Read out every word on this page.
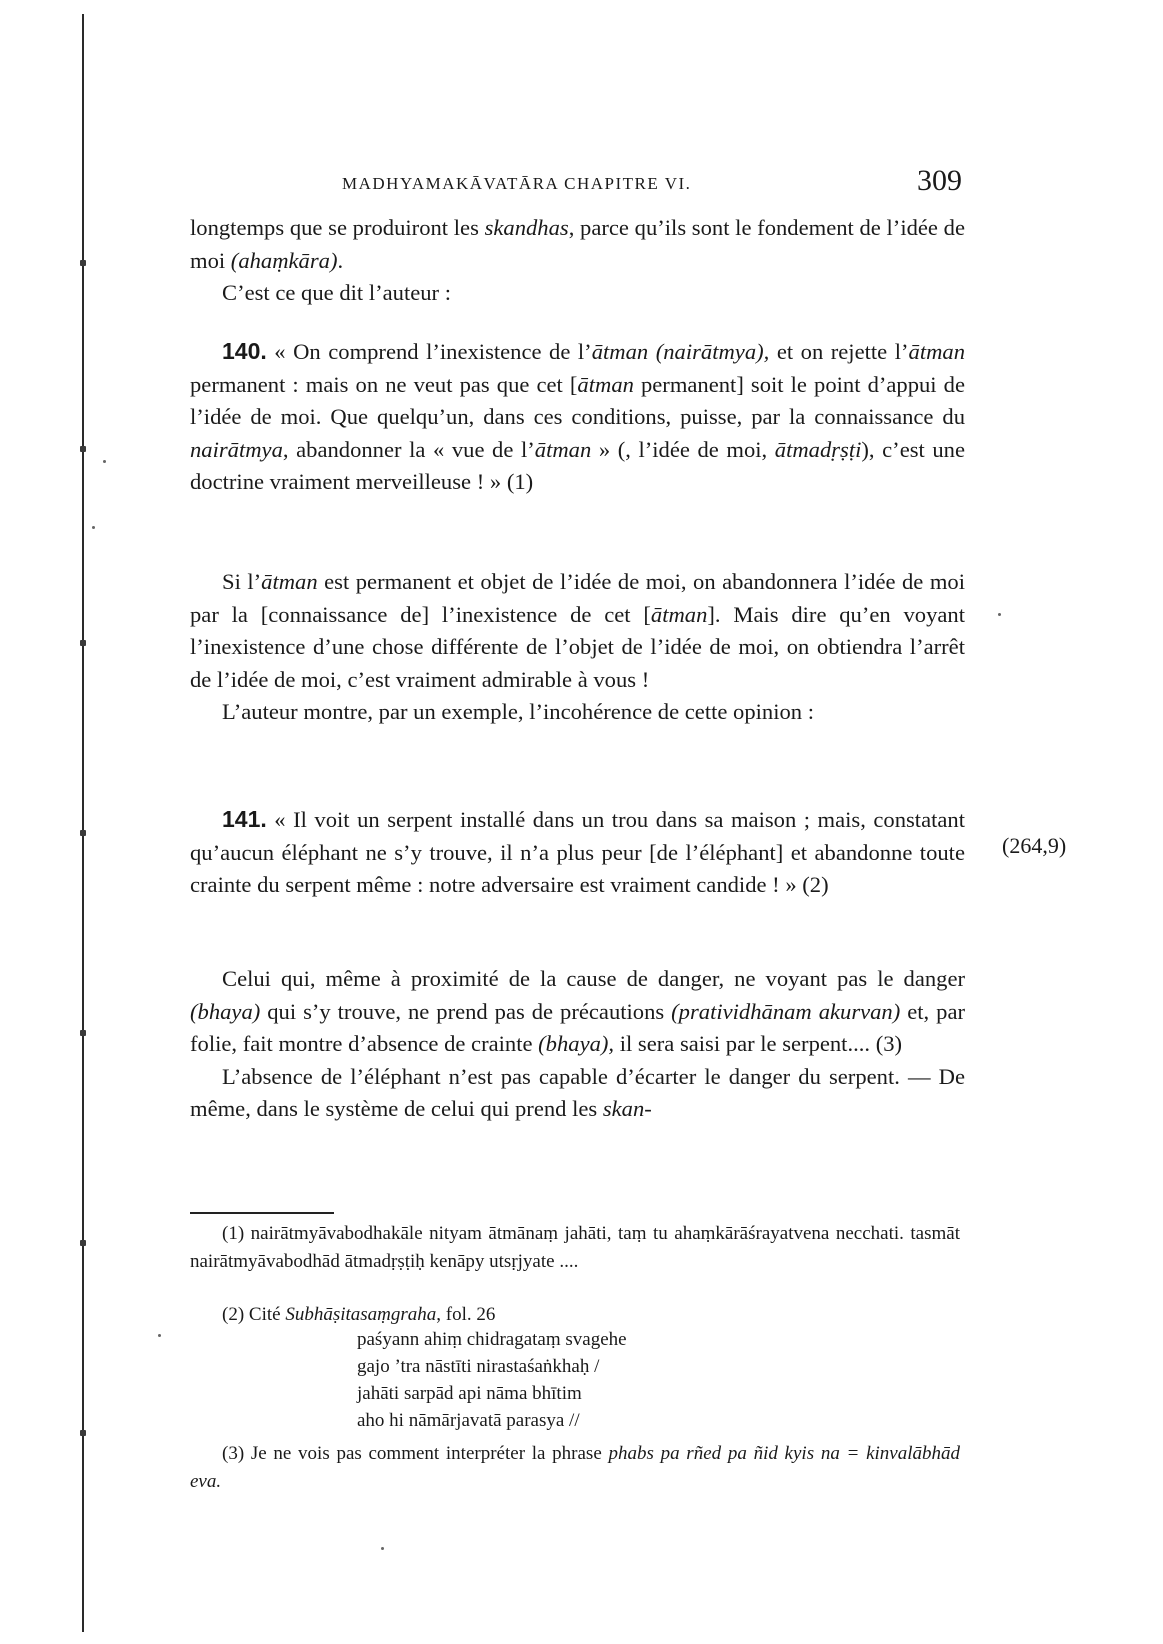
MADHYAMAKĀVATĀRA CHAPITRE VI.	309

longtemps que se produiront les skandhas, parce qu’ils sont le fondement de l’idée de moi (ahaṃkāra).

C’est ce que dit l’auteur :

140. « On comprend l’inexistence de l’ātman (nairātmya), et on rejette l’ātman permanent : mais on ne veut pas que cet [ātman permanent] soit le point d’appui de l’idée de moi. Que quelqu’un, dans ces conditions, puisse, par la connaissance du nairātmya, abandonner la « vue de l’ātman » (, l’idée de moi, ātmadṛṣṭi), c’est une doctrine vraiment merveilleuse ! » (1)

Si l’ātman est permanent et objet de l’idée de moi, on abandonnera l’idée de moi par la [connaissance de] l’inexistence de cet [ātman]. Mais dire qu’en voyant l’inexistence d’une chose différente de l’objet de l’idée de moi, on obtiendra l’arrêt de l’idée de moi, c’est vraiment admirable à vous !

L’auteur montre, par un exemple, l’incohérence de cette opinion :

141. « Il voit un serpent installé dans un trou dans sa maison ; mais, constatant qu’aucun éléphant ne s’y trouve, il n’a plus peur [de l’éléphant] et abandonne toute crainte du serpent même : notre adversaire est vraiment candide ! » (2)

(264,9)

Celui qui, même à proximité de la cause de danger, ne voyant pas le danger (bhaya) qui s’y trouve, ne prend pas de précautions (pratividhānam akurvan) et, par folie, fait montre d’absence de crainte (bhaya), il sera saisi par le serpent.... (3)

L’absence de l’éléphant n’est pas capable d’écarter le danger du serpent. — De même, dans le système de celui qui prend les skan-

(1) nairātmyāvabodhakāle nityam ātmānaṃ jahāti, taṃ tu ahaṃkārāśrayatvena necchati. tasmāt nairātmyāvabodhād ātmadṛṣṭiḥ kenāpy utsṛjyate ....

(2) Cité Subhāṣitasaṃgraha, fol. 26

paśyann ahiṃ chidragataṃ svagehe
gajo ’tra nāstīti nirastaśaṅkhaḥ /
jahāti sarpād api nāma bhītim
aho hi nāmārjavatā parasya //

(3) Je ne vois pas comment interpréter la phrase phabs pa rñed pa ñid kyis na = kinvalābhād eva.
